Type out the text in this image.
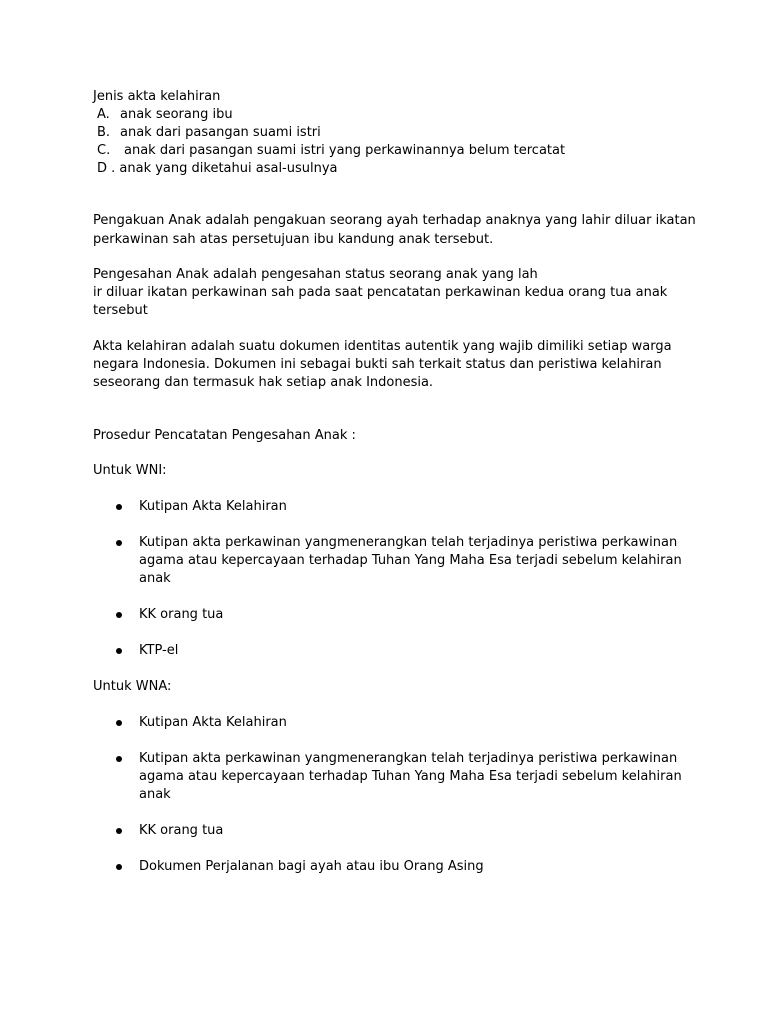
Jenis akta kelahiran
A. anak seorang ibu
B. anak dari pasangan suami istri
C. anak dari pasangan suami istri yang perkawinannya belum tercatat
D . anak yang diketahui asal-usulnya
Pengakuan Anak adalah pengakuan seorang ayah terhadap anaknya yang lahir diluar ikatan
perkawinan sah atas persetujuan ibu kandung anak tersebut.
Pengesahan Anak adalah pengesahan status seorang anak yang lah
ir diluar ikatan perkawinan sah pada saat pencatatan perkawinan kedua orang tua anak
tersebut
Akta kelahiran adalah suatu dokumen identitas autentik yang wajib dimiliki setiap warga
negara Indonesia. Dokumen ini sebagai bukti sah terkait status dan peristiwa kelahiran
seseorang dan termasuk hak setiap anak Indonesia.
Prosedur Pencatatan Pengesahan Anak :
Untuk WNI:
Kutipan Akta Kelahiran
Kutipan akta perkawinan yangmenerangkan telah terjadinya peristiwa perkawinan
agama atau kepercayaan terhadap Tuhan Yang Maha Esa terjadi sebelum kelahiran
anak
KK orang tua
KTP-el
Untuk WNA:
Kutipan Akta Kelahiran
Kutipan akta perkawinan yangmenerangkan telah terjadinya peristiwa perkawinan
agama atau kepercayaan terhadap Tuhan Yang Maha Esa terjadi sebelum kelahiran
anak
KK orang tua
Dokumen Perjalanan bagi ayah atau ibu Orang Asing
